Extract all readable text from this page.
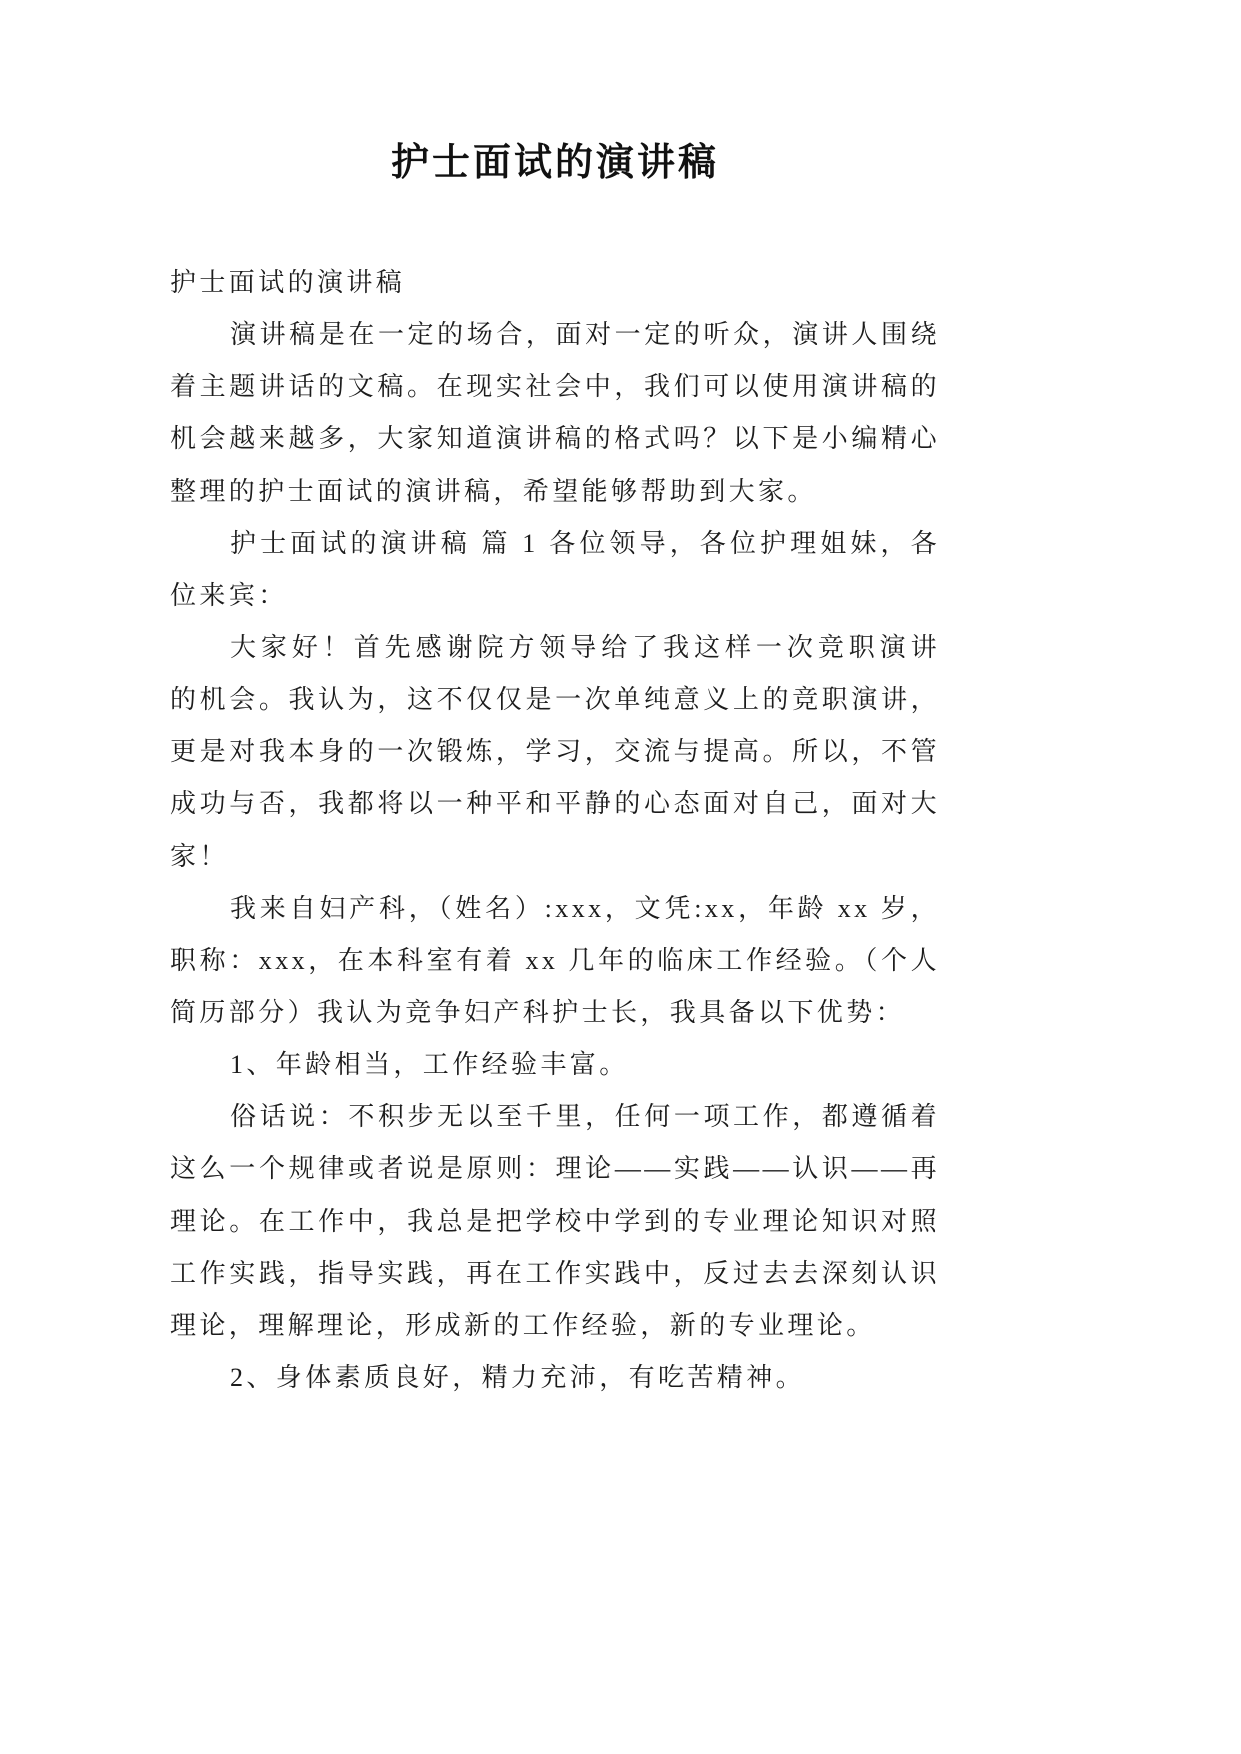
护士面试的演讲稿

护士面试的演讲稿

演讲稿是在一定的场合，面对一定的听众，演讲人围绕
着主题讲话的文稿。在现实社会中，我们可以使用演讲稿的
机会越来越多，大家知道演讲稿的格式吗？以下是小编精心
整理的护士面试的演讲稿，希望能够帮助到大家。

护士面试的演讲稿 篇 1 各位领导，各位护理姐妹，各
位来宾：

大家好！首先感谢院方领导给了我这样一次竞职演讲
的机会。我认为，这不仅仅是一次单纯意义上的竞职演讲，
更是对我本身的一次锻炼，学习，交流与提高。所以，不管
成功与否，我都将以一种平和平静的心态面对自己，面对大
家！

我来自妇产科，（姓名）:xxx，文凭:xx，年龄 xx 岁，
职称：xxx，在本科室有着 xx 几年的临床工作经验。（个人
简历部分）我认为竞争妇产科护士长，我具备以下优势：

1、年龄相当，工作经验丰富。

俗话说：不积步无以至千里，任何一项工作，都遵循着
这么一个规律或者说是原则：理论——实践——认识——再
理论。在工作中，我总是把学校中学到的专业理论知识对照
工作实践，指导实践，再在工作实践中，反过去去深刻认识
理论，理解理论，形成新的工作经验，新的专业理论。

2、身体素质良好，精力充沛，有吃苦精神。
